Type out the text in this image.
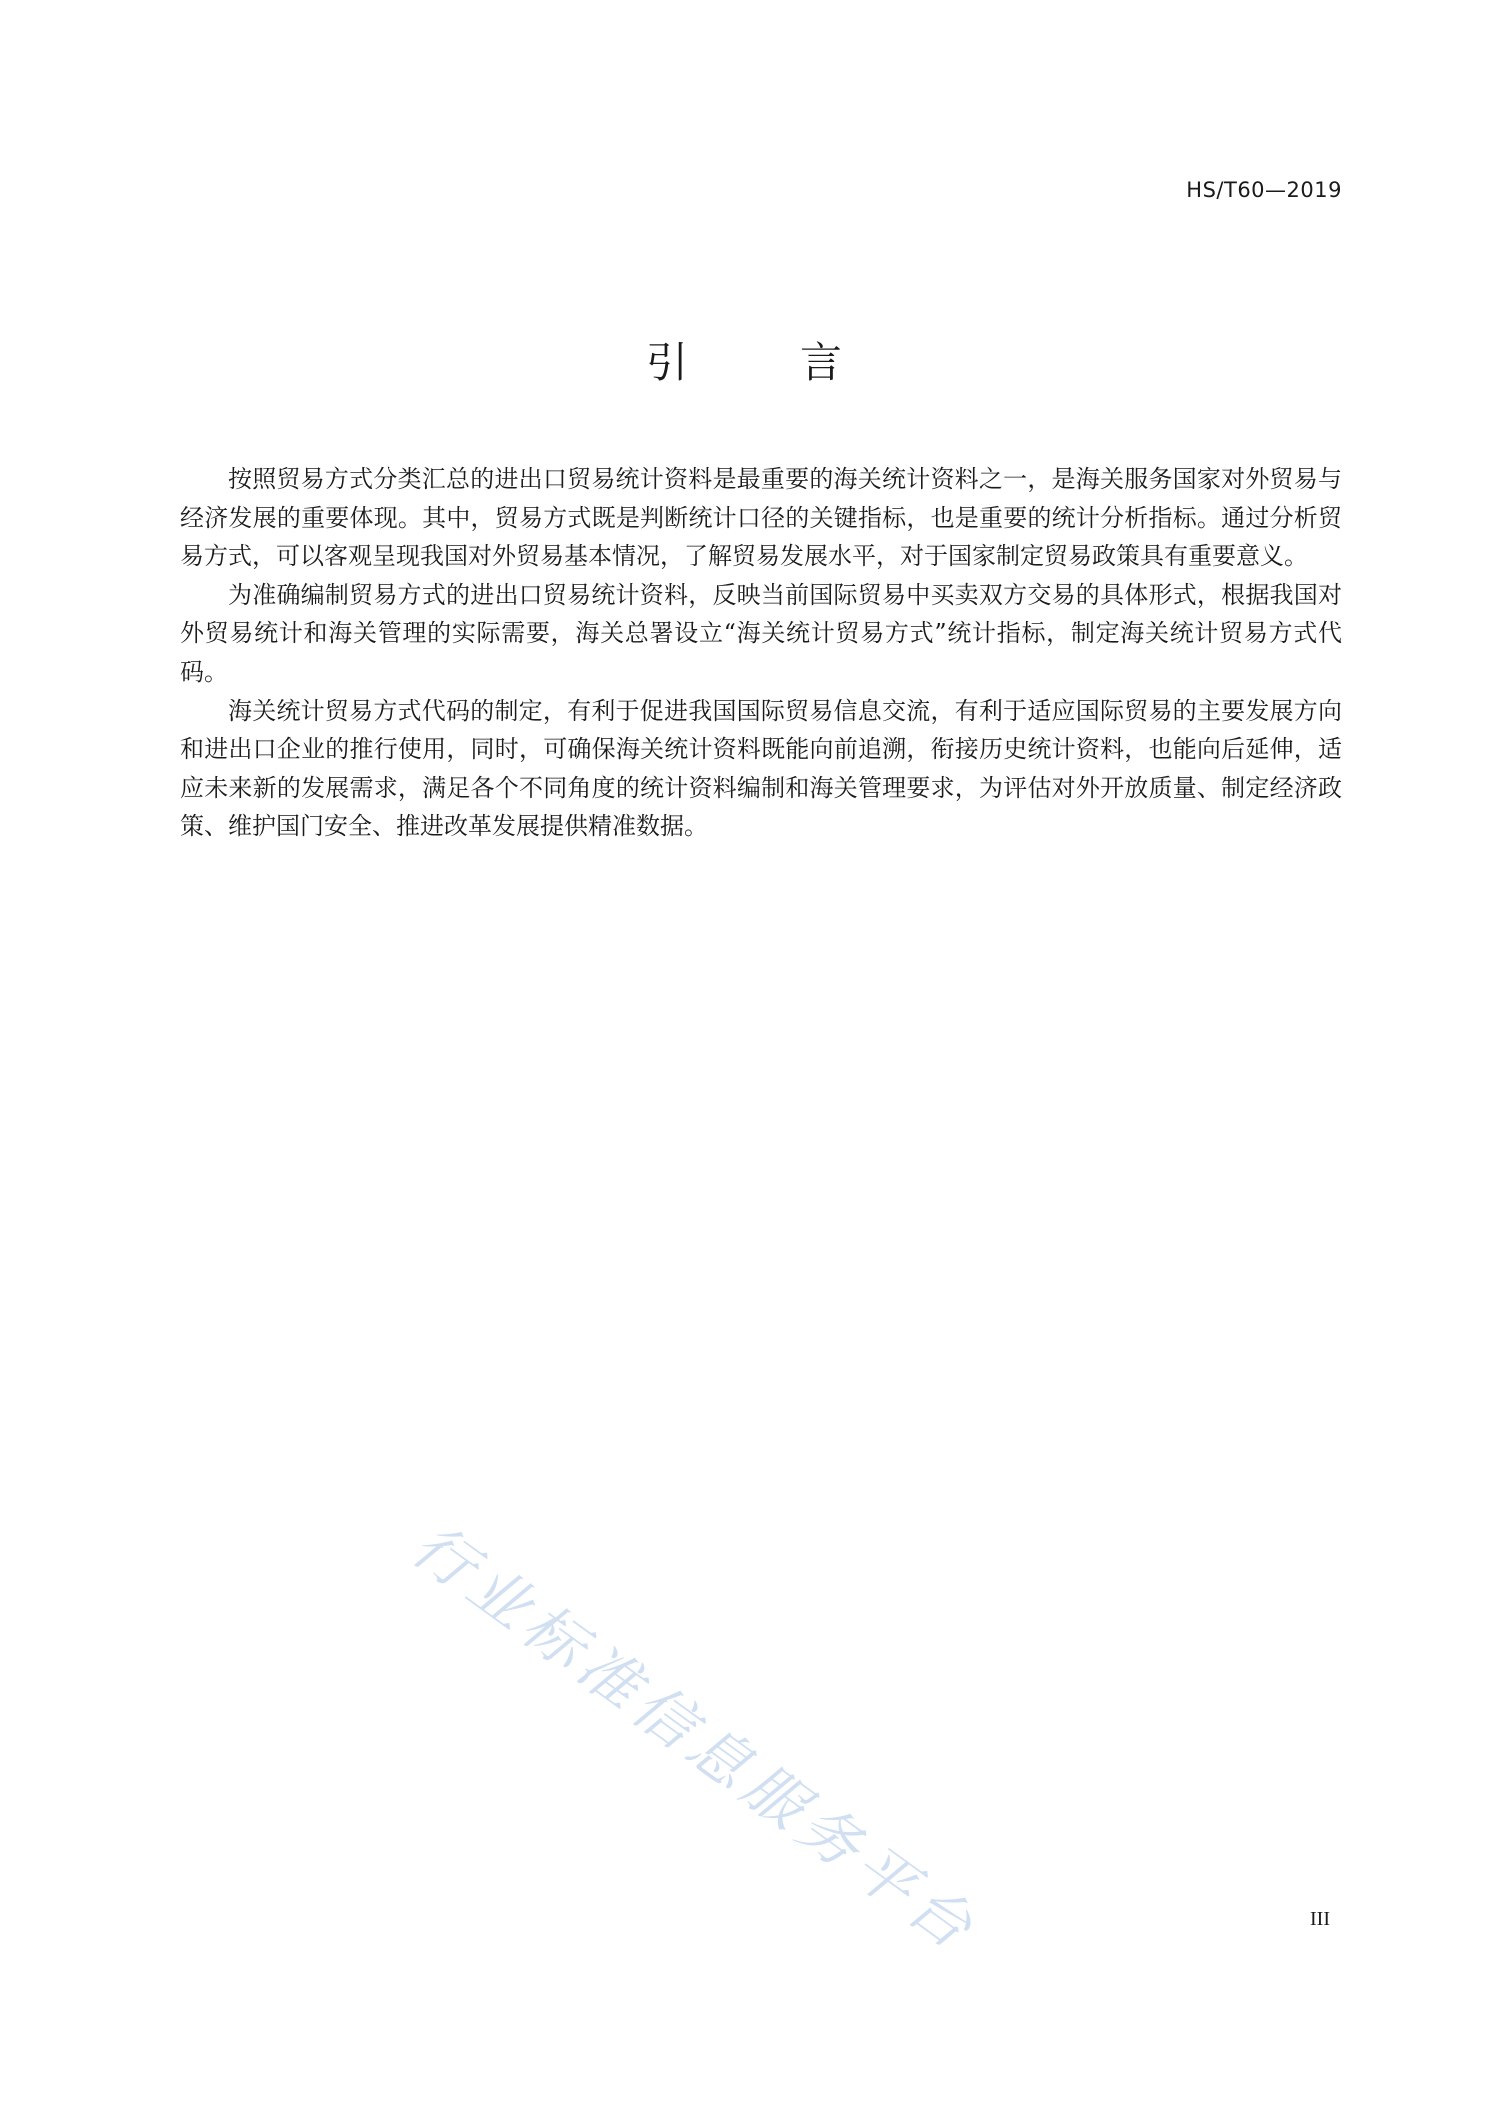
HS/T60—2019
引	言

按照贸易方式分类汇总的进出口贸易统计资料是最重要的海关统计资料之一，是海关服务国家对外贸易与经济发展的重要体现。其中，贸易方式既是判断统计口径的关键指标，也是重要的统计分析指标。通过分析贸易方式，可以客观呈现我国对外贸易基本情况，了解贸易发展水平，对于国家制定贸易政策具有重要意义。

为准确编制贸易方式的进出口贸易统计资料，反映当前国际贸易中买卖双方交易的具体形式，根据我国对外贸易统计和海关管理的实际需要，海关总署设立“海关统计贸易方式”统计指标，制定海关统计贸易方式代码。

海关统计贸易方式代码的制定，有利于促进我国国际贸易信息交流，有利于适应国际贸易的主要发展方向和进出口企业的推行使用，同时，可确保海关统计资料既能向前追溯，衔接历史统计资料，也能向后延伸，适应未来新的发展需求，满足各个不同角度的统计资料编制和海关管理要求，为评估对外开放质量、制定经济政策、维护国门安全、推进改革发展提供精准数据。

行业标准信息服务平台	III
